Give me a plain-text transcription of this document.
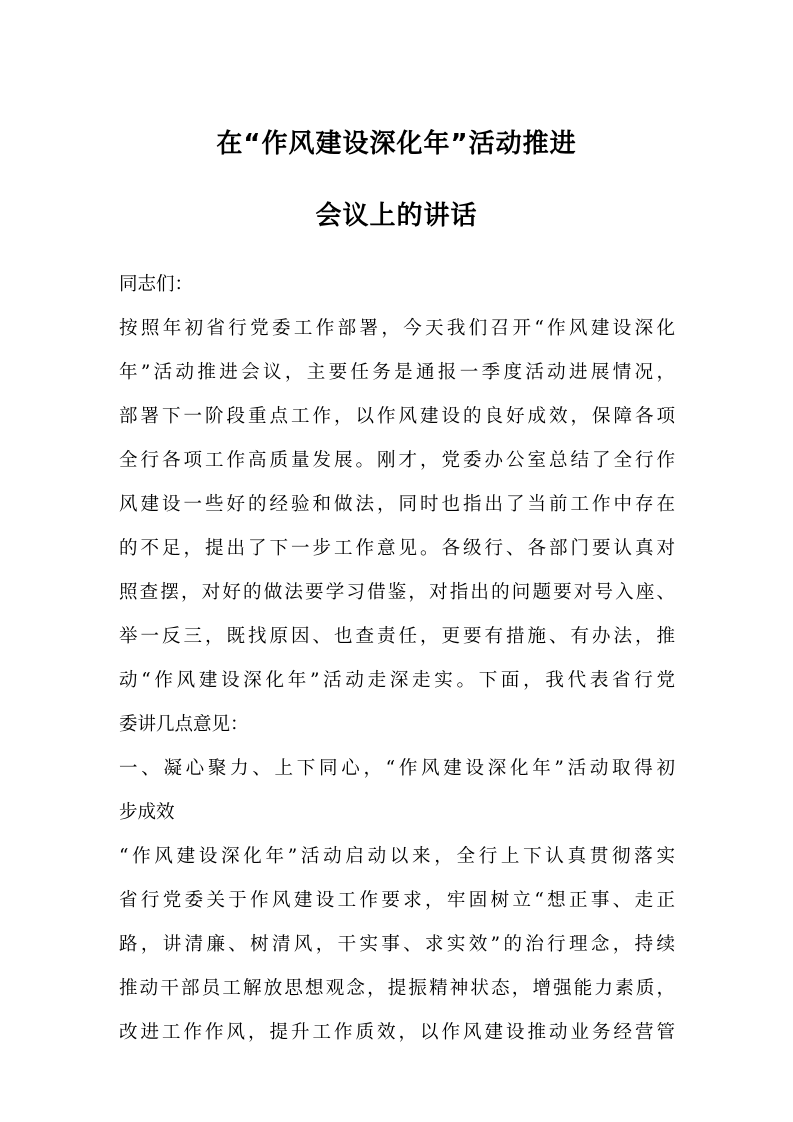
在“作风建设深化年”活动推进
会议上的讲话
同志们：
按照年初省行党委工作部署，今天我们召开“作风建设深化
年”活动推进会议，主要任务是通报一季度活动进展情况，
部署下一阶段重点工作，以作风建设的良好成效，保障各项
全行各项工作高质量发展。刚才，党委办公室总结了全行作
风建设一些好的经验和做法，同时也指出了当前工作中存在
的不足，提出了下一步工作意见。各级行、各部门要认真对
照查摆，对好的做法要学习借鉴，对指出的问题要对号入座、
举一反三，既找原因、也查责任，更要有措施、有办法，推
动“作风建设深化年”活动走深走实。下面，我代表省行党
委讲几点意见：
一、凝心聚力、上下同心，“作风建设深化年”活动取得初
步成效
“作风建设深化年”活动启动以来，全行上下认真贯彻落实
省行党委关于作风建设工作要求，牢固树立“想正事、走正
路，讲清廉、树清风，干实事、求实效”的治行理念，持续
推动干部员工解放思想观念，提振精神状态，增强能力素质，
改进工作作风，提升工作质效，以作风建设推动业务经营管
